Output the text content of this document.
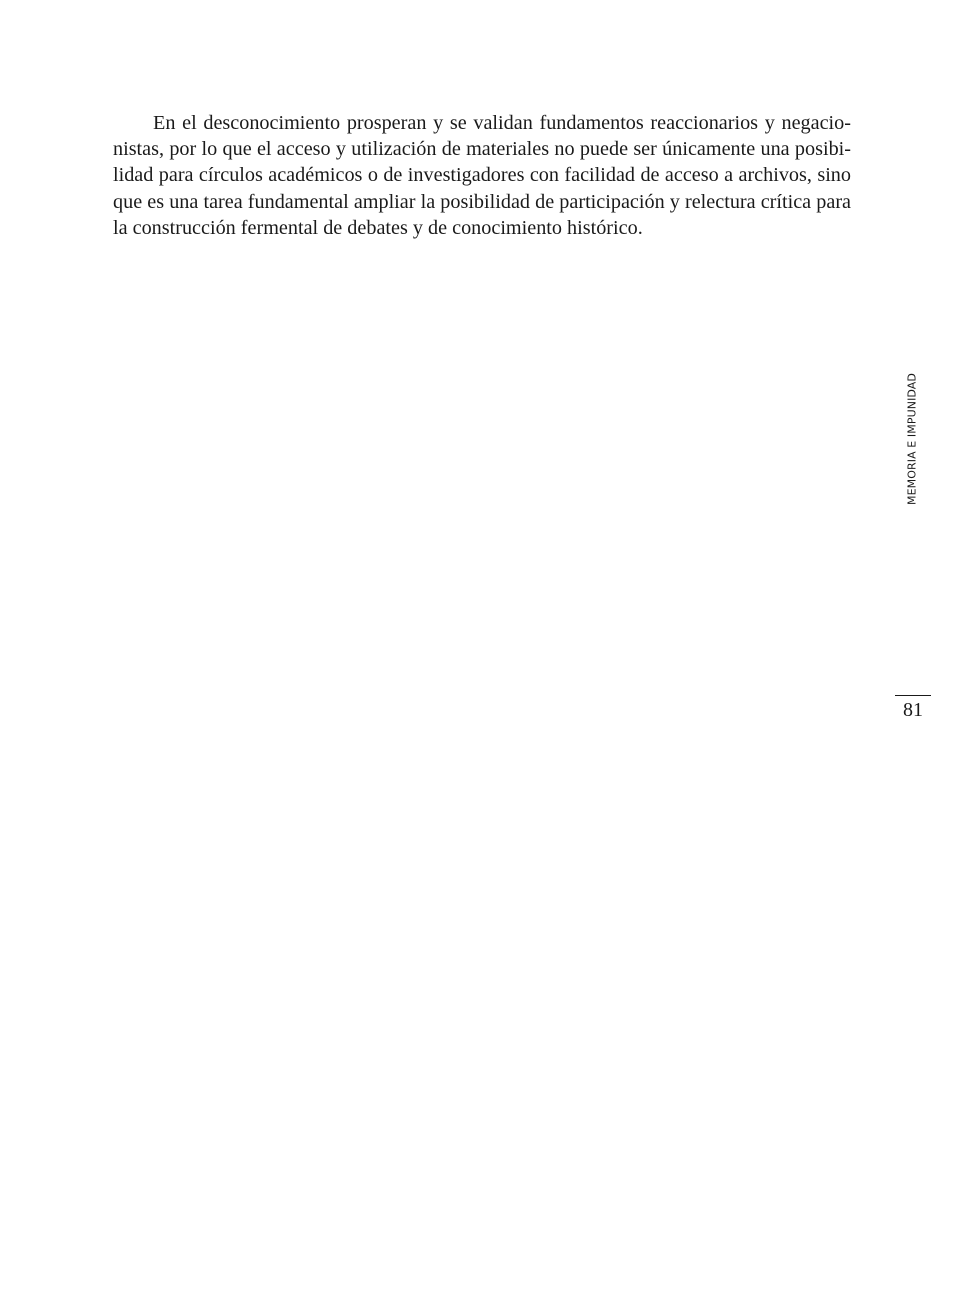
En el desconocimiento prosperan y se validan fundamentos reaccionarios y negacio-
nistas, por lo que el acceso y utilización de materiales no puede ser únicamente una posibi-
lidad para círculos académicos o de investigadores con facilidad de acceso a archivos, sino
que es una tarea fundamental ampliar la posibilidad de participación y relectura crítica para
la construcción fermental de debates y de conocimiento histórico.

MEMORIA E IMPUNIDAD
81
